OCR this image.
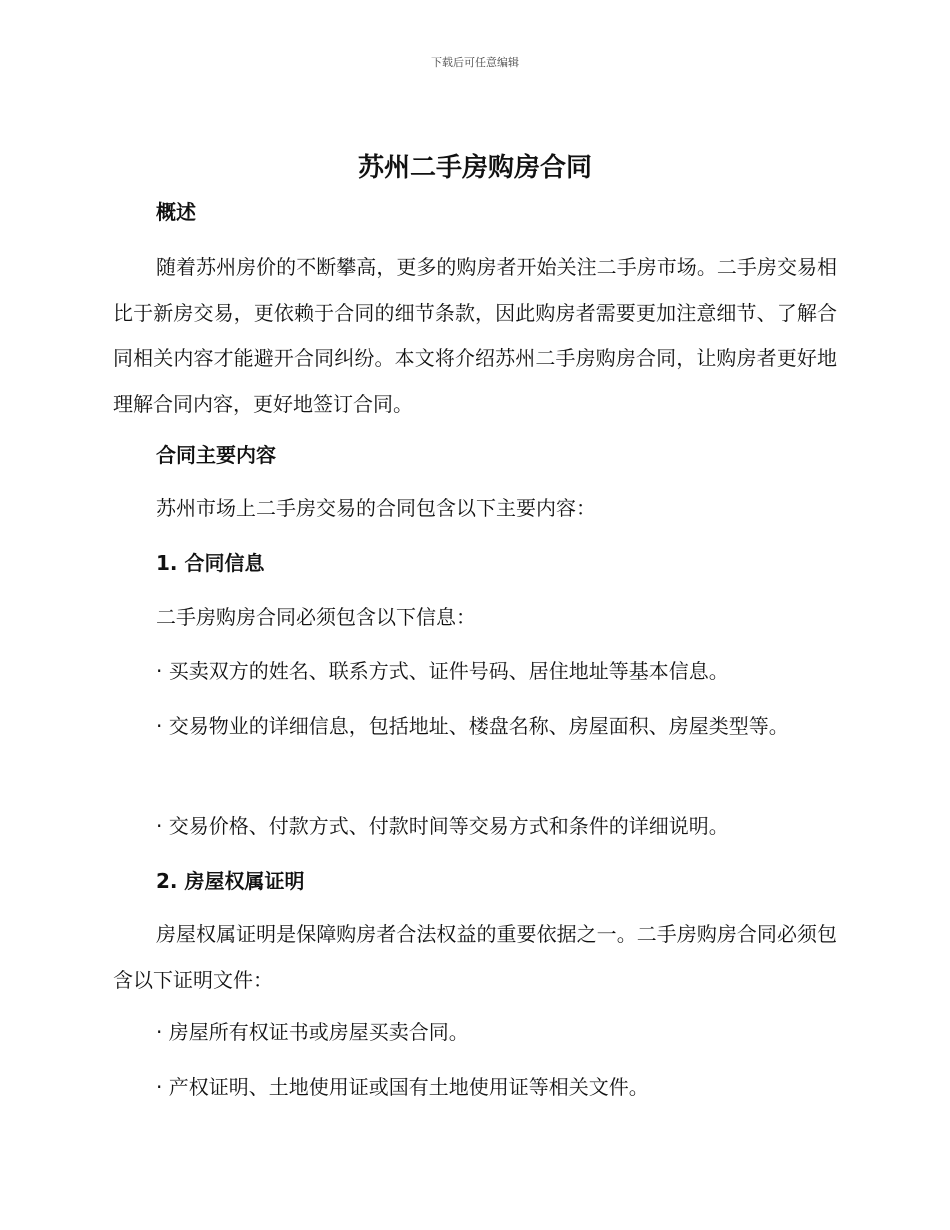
下载后可任意编辑
苏州二手房购房合同

概述

随着苏州房价的不断攀高，更多的购房者开始关注二手房市场。二手房交易相比于新房交易，更依赖于合同的细节条款，因此购房者需要更加注意细节、了解合同相关内容才能避开合同纠纷。本文将介绍苏州二手房购房合同，让购房者更好地理解合同内容，更好地签订合同。

合同主要内容

苏州市场上二手房交易的合同包含以下主要内容：

1. 合同信息

二手房购房合同必须包含以下信息：

· 买卖双方的姓名、联系方式、证件号码、居住地址等基本信息。

· 交易物业的详细信息，包括地址、楼盘名称、房屋面积、房屋类型等。

· 交易价格、付款方式、付款时间等交易方式和条件的详细说明。

2. 房屋权属证明

房屋权属证明是保障购房者合法权益的重要依据之一。二手房购房合同必须包含以下证明文件：

· 房屋所有权证书或房屋买卖合同。

· 产权证明、土地使用证或国有土地使用证等相关文件。
